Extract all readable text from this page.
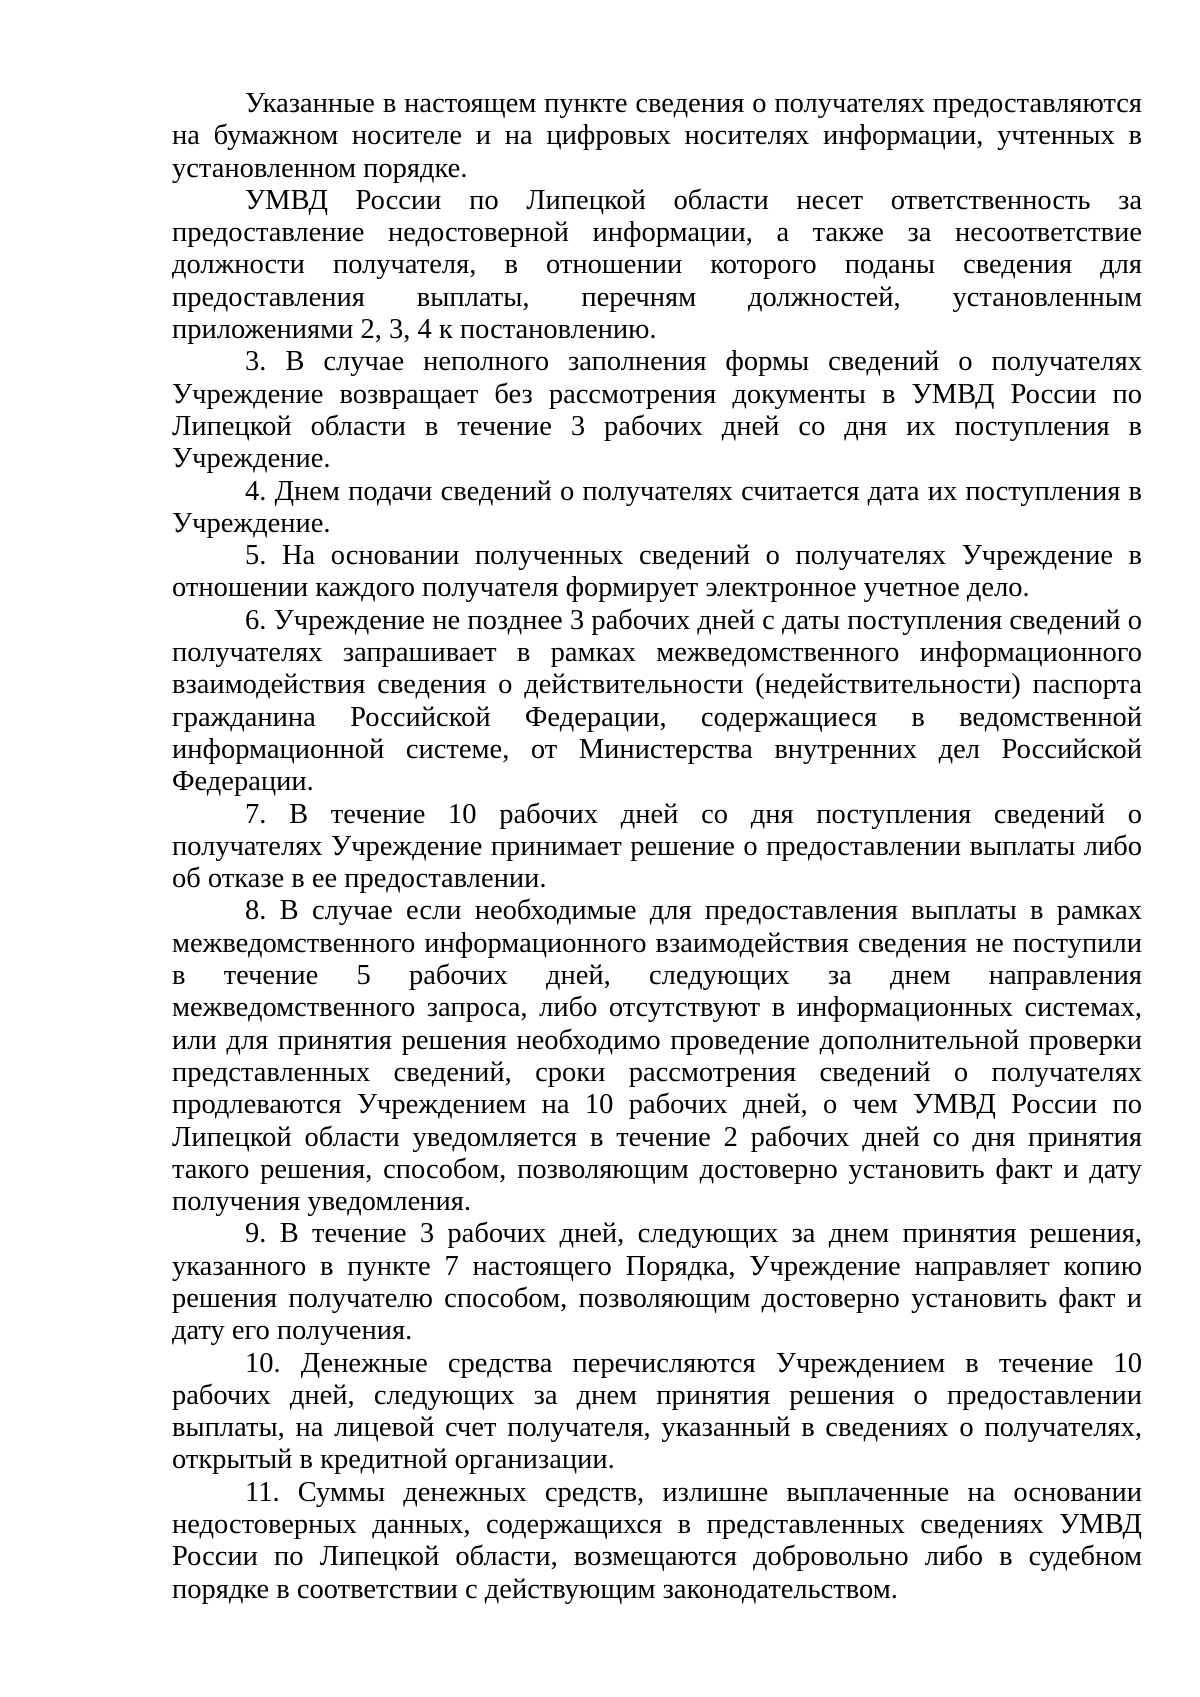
Указанные в настоящем пункте сведения о получателях предоставляются на бумажном носителе и на цифровых носителях информации, учтенных в установленном порядке.

УМВД России по Липецкой области несет ответственность за предоставление недостоверной информации, а также за несоответствие должности получателя, в отношении которого поданы сведения для предоставления выплаты, перечням должностей, установленным приложениями 2, 3, 4 к постановлению.

3. В случае неполного заполнения формы сведений о получателях Учреждение возвращает без рассмотрения документы в УМВД России по Липецкой области в течение 3 рабочих дней со дня их поступления в Учреждение.

4. Днем подачи сведений о получателях считается дата их поступления в Учреждение.

5. На основании полученных сведений о получателях Учреждение в отношении каждого получателя формирует электронное учетное дело.

6. Учреждение не позднее 3 рабочих дней с даты поступления сведений о получателях запрашивает в рамках межведомственного информационного взаимодействия сведения о действительности (недействительности) паспорта гражданина Российской Федерации, содержащиеся в ведомственной информационной системе, от Министерства внутренних дел Российской Федерации.

7. В течение 10 рабочих дней со дня поступления сведений о получателях Учреждение принимает решение о предоставлении выплаты либо об отказе в ее предоставлении.

8. В случае если необходимые для предоставления выплаты в рамках межведомственного информационного взаимодействия сведения не поступили в течение 5 рабочих дней, следующих за днем направления межведомственного запроса, либо отсутствуют в информационных системах, или для принятия решения необходимо проведение дополнительной проверки представленных сведений, сроки рассмотрения сведений о получателях продлеваются Учреждением на 10 рабочих дней, о чем УМВД России по Липецкой области уведомляется в течение 2 рабочих дней со дня принятия такого решения, способом, позволяющим достоверно установить факт и дату получения уведомления.

9. В течение 3 рабочих дней, следующих за днем принятия решения, указанного в пункте 7 настоящего Порядка, Учреждение направляет копию решения получателю способом, позволяющим достоверно установить факт и дату его получения.

10. Денежные средства перечисляются Учреждением в течение 10 рабочих дней, следующих за днем принятия решения о предоставлении выплаты, на лицевой счет получателя, указанный в сведениях о получателях, открытый в кредитной организации.

11. Суммы денежных средств, излишне выплаченные на основании недостоверных данных, содержащихся в представленных сведениях УМВД России по Липецкой области, возмещаются добровольно либо в судебном порядке в соответствии с действующим законодательством.
